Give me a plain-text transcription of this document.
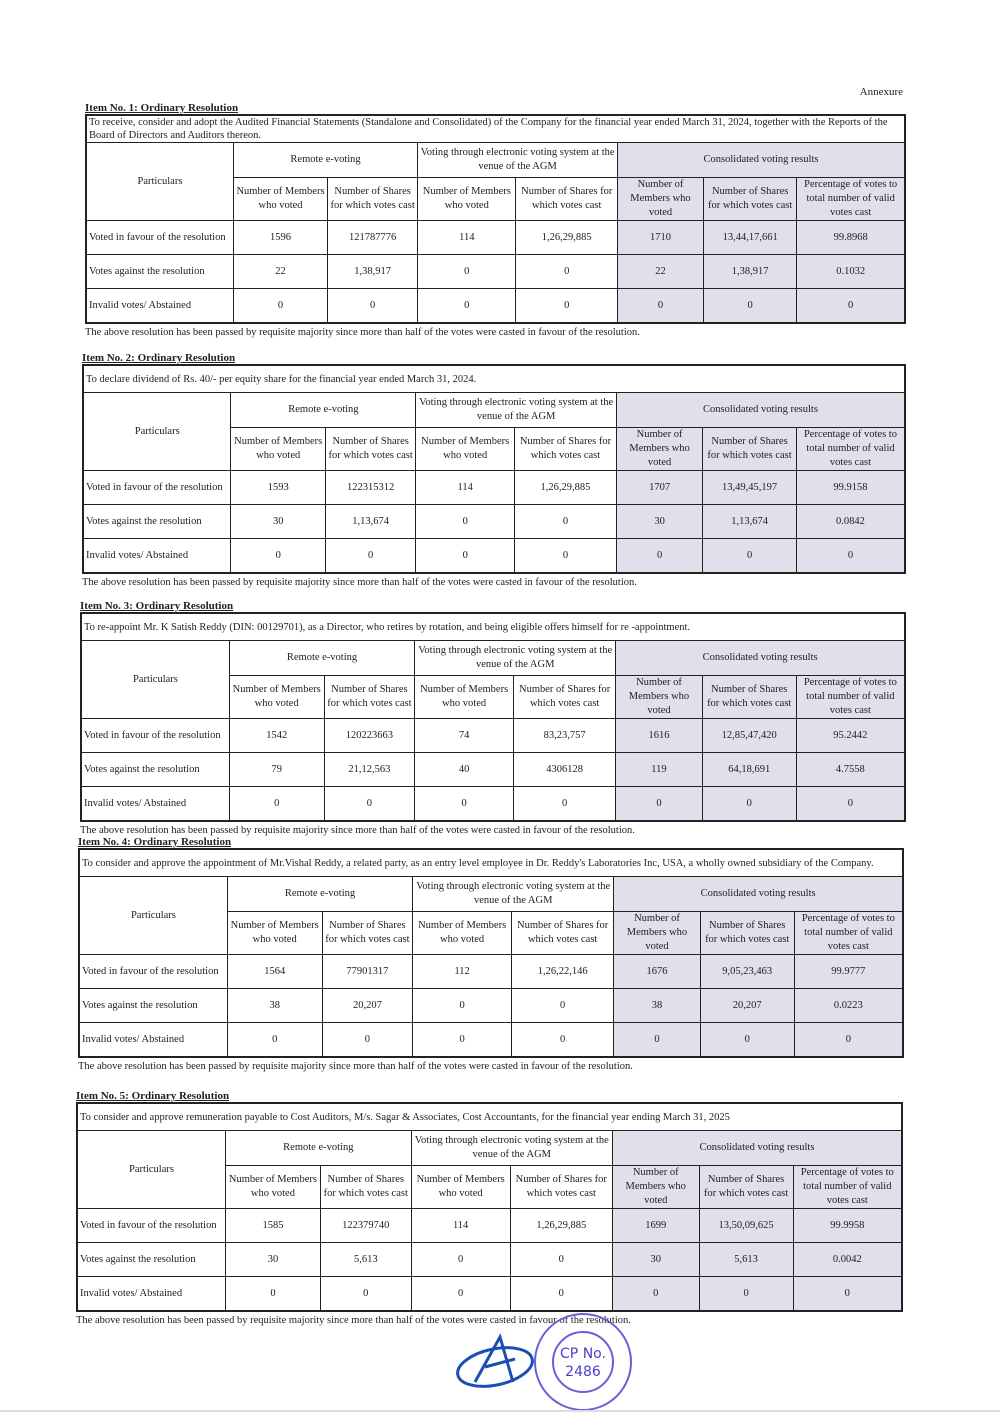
Annexure
Item No. 1: Ordinary Resolution
To receive, consider and adopt the Audited Financial Statements (Standalone and Consolidated) of the Company for the financial year ended March 31, 2024, together with the Reports of the Board of Directors and Auditors thereon.							
Particulars	Remote e-voting		Voting through electronic voting system at the venue of the AGM		Consolidated voting results		
	Number of Members who voted	Number of Shares for which votes cast	Number of Members who voted	Number of Shares for which votes cast	Number of Members who voted	Number of Shares for which votes cast	Percentage of votes to total number of valid votes cast
Voted in favour of the resolution	1596	121787776	114	1,26,29,885	1710	13,44,17,661	99.8968
Votes against the resolution	22	1,38,917	0	0	22	1,38,917	0.1032
Invalid votes/ Abstained	0	0	0	0	0	0	0
The above resolution has been passed by requisite majority since more than half of the votes were casted in favour of the resolution.
Item No. 2: Ordinary Resolution
To declare dividend of Rs. 40/- per equity share for the financial year ended March 31, 2024.							
Particulars	Remote e-voting		Voting through electronic voting system at the venue of the AGM		Consolidated voting results		
	Number of Members who voted	Number of Shares for which votes cast	Number of Members who voted	Number of Shares for which votes cast	Number of Members who voted	Number of Shares for which votes cast	Percentage of votes to total number of valid votes cast
Voted in favour of the resolution	1593	122315312	114	1,26,29,885	1707	13,49,45,197	99.9158
Votes against the resolution	30	1,13,674	0	0	30	1,13,674	0.0842
Invalid votes/ Abstained	0	0	0	0	0	0	0
The above resolution has been passed by requisite majority since more than half of the votes were casted in favour of the resolution.
Item No. 3: Ordinary Resolution
To re-appoint Mr. K Satish Reddy (DIN: 00129701), as a Director, who retires by rotation, and being eligible offers himself for re -appointment.							
Particulars	Remote e-voting		Voting through electronic voting system at the venue of the AGM		Consolidated voting results		
	Number of Members who voted	Number of Shares for which votes cast	Number of Members who voted	Number of Shares for which votes cast	Number of Members who voted	Number of Shares for which votes cast	Percentage of votes to total number of valid votes cast
Voted in favour of the resolution	1542	120223663	74	83,23,757	1616	12,85,47,420	95.2442
Votes against the resolution	79	21,12,563	40	4306128	119	64,18,691	4.7558
Invalid votes/ Abstained	0	0	0	0	0	0	0
The above resolution has been passed by requisite majority since more than half of the votes were casted in favour of the resolution.
Item No. 4: Ordinary Resolution
To consider and approve the appointment of Mr.Vishal Reddy, a related party, as an entry level employee in Dr. Reddy's Laboratories Inc, USA, a wholly owned subsidiary of the Company.							
Particulars	Remote e-voting		Voting through electronic voting system at the venue of the AGM		Consolidated voting results		
	Number of Members who voted	Number of Shares for which votes cast	Number of Members who voted	Number of Shares for which votes cast	Number of Members who voted	Number of Shares for which votes cast	Percentage of votes to total number of valid votes cast
Voted in favour of the resolution	1564	77901317	112	1,26,22,146	1676	9,05,23,463	99.9777
Votes against the resolution	38	20,207	0	0	38	20,207	0.0223
Invalid votes/ Abstained	0	0	0	0	0	0	0
The above resolution has been passed by requisite majority since more than half of the votes were casted in favour of the resolution.
Item No. 5: Ordinary Resolution
To consider and approve remuneration payable to Cost Auditors, M/s. Sagar & Associates, Cost Accountants, for the financial year ending March 31, 2025							
Particulars	Remote e-voting		Voting through electronic voting system at the venue of the AGM		Consolidated voting results		
	Number of Members who voted	Number of Shares for which votes cast	Number of Members who voted	Number of Shares for which votes cast	Number of Members who voted	Number of Shares for which votes cast	Percentage of votes to total number of valid votes cast
Voted in favour of the resolution	1585	122379740	114	1,26,29,885	1699	13,50,09,625	99.9958
Votes against the resolution	30	5,613	0	0	30	5,613	0.0042
Invalid votes/ Abstained	0	0	0	0	0	0	0
The above resolution has been passed by requisite majority since more than half of the votes were casted in favour of the resolution.
CP No.
2486
